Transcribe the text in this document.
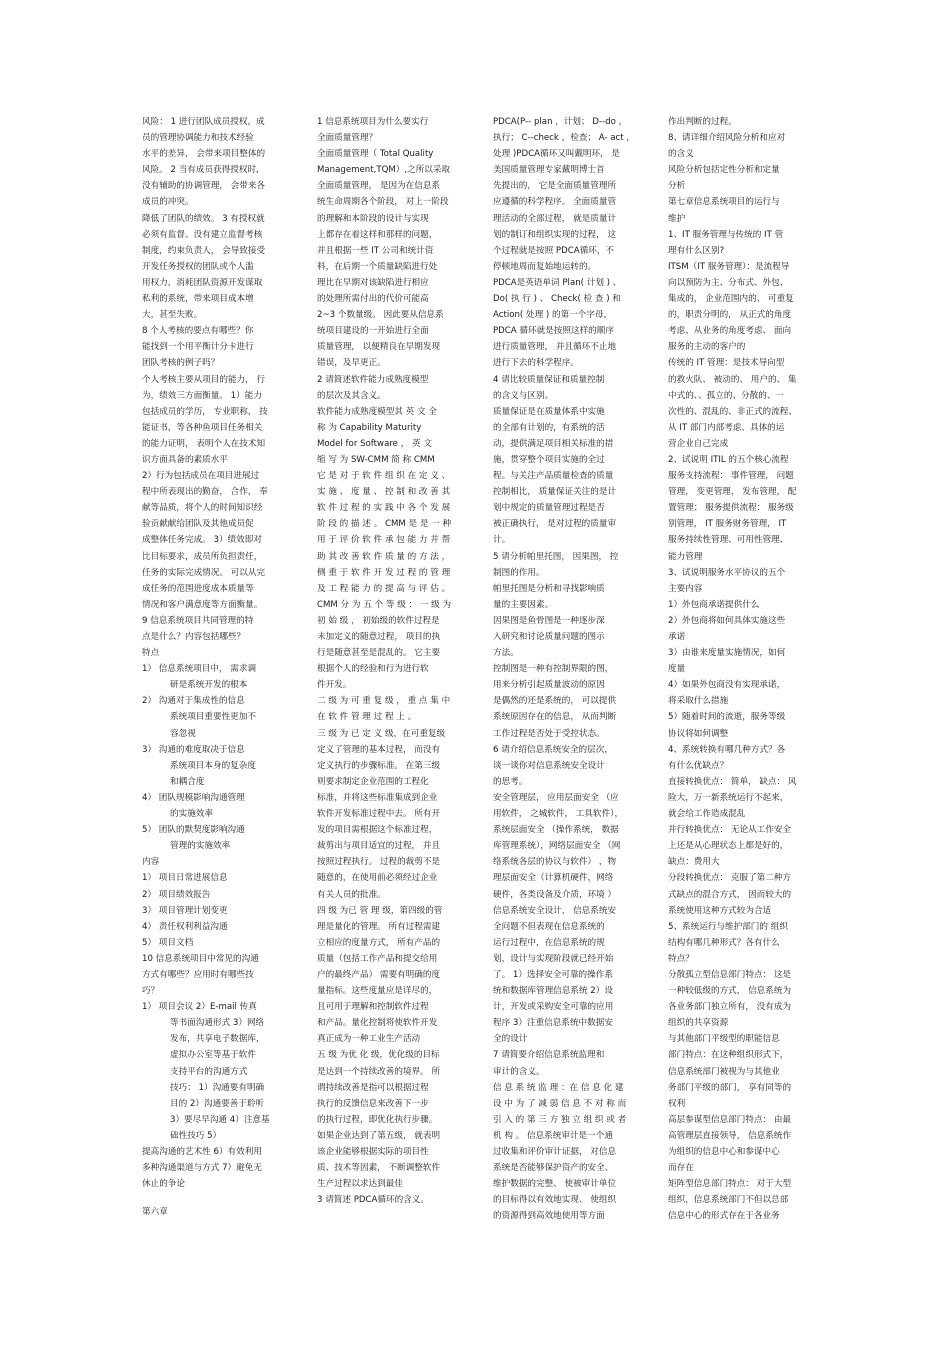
风险： 1 进行团队成员授权，成
员的管理协调能力和技术经验
水平的差异， 会带来项目整体的
风险。 2 当有成员获得授权时,
没有辅助的协调管理， 会带来各
成员的冲突。
降低了团队的绩效。 3 有授权就
必须有监督。没有建立监督考核
制度，约束负责人， 会导致接受
开发任务授权的团队或个人滥
用权力，消耗团队资源开发谋取
私利的系统，带来项目成本增
大，甚至失败。
8 个人考核的要点有哪些？你
能找到一个用平衡计分卡进行
团队考核的例子吗？
个人考核主要从项目的能力， 行
为，绩效三方面衡量。 1）能力
包括成员的学历， 专业职称， 技
能证书，等各种鱼项目任务相关
的能力证明， 表明个人在技术知
识方面具备的素质水平
2）行为包括成员在项目进展过
程中所表现出的勤奋， 合作， 奉
献等品质，将个人的时间知识经
验贡献献给团队及其他成员促
成整体任务完成。 3）绩效即对
比目标要求，成员所负担责任，
任务的实际完成情况。 可以从完
成任务的范围进度成本质量等
情况和客户满意度等方面衡量。
9 信息系统项目共同管理的特
点是什么？内容包括哪些？
特点
1） 信息系统项目中， 需求调
研是系统开发的根本
2） 沟通对于集成性的信息
系统项目重要性更加不
容忽视
3） 沟通的难度取决于信息
系统项目本身的复杂度
和耦合度
4） 团队规模影响沟通管理
的实施效率
5） 团队的默契度影响沟通
管理的实施效率
内容
1） 项目日常进展信息
2） 项目绩效报告
3） 项目管理计划变更
4） 责任权利利益沟通
5） 项目文档
10 信息系统项目中常见的沟通
方式有哪些？应用时有哪些技
巧？
1） 项目会议 2）E-mail 传真
等书面沟通形式 3）网络
发布，共享电子数据库，
虚拟办公室等基于软件
支持平台的沟通方式
技巧： 1）沟通要有明确
目的 2）沟通要善于聆听
3）要尽早沟通 4）注意基
础性技巧 5）
提高沟通的艺术性 6）有效利用
多种沟通渠道与方式 7）避免无
休止的争论
第六章
1 信息系统项目为什么要实行
全面质量管理？
全面质量管理（ Total Quality
Management,TQM）,之所以采取
全面质量管理， 是因为在信息系
统生命周期各个阶段， 对上一阶段
的理解和本阶段的设计与实现
上都存在着这样和那样的问题，
并且根据一些 IT 公司和统计资
料，在后期一个质量缺陷进行处
理比在早期对该缺陷进行相应
的处理所需付出的代价可能高
2~3 个数量级。 因此要从信息系
统项目建设的一开始进行全面
质量管理， 以便精良在早期发现
错误，及早更正。
2 请简述软件能力成熟度模型
的层次及其含义。
软件能力成熟度模型其 英 文 全
称 为 Capability Maturity
Model for Software ， 英 文
缩 写 为 SW-CMM 简 称 CMM
它 是 对 于 软 件 组 织 在 定 义 、
实 施 、 度 量 、 控 制 和 改 善 其
软 件 过 程 的 实 践 中 各 个 发 展
阶 段 的 描 述 。 CMM 是 是 一 种
用 于 评 价 软 件 承 包 能 力 并 帮
助 其 改 善 软 件 质 量 的 方 法 ，
侧 重 于 软 件 开 发 过 程 的 管 理
及 工 程 能 力 的 提 高 与 评 估 。
CMM 分 为 五 个 等 级 ： 一 级 为
初 始 级 ， 初始级的软件过程是
未加定义的随意过程， 项目的执
行是随意甚至是混乱的。 它主要
根据个人的经验和行为进行软
件开发。
二 级 为 可 重 复 级 ， 重 点 集 中
在 软 件 管 理 过 程 上 。
三 级 为 已 定 义 级，在可重复级
定义了管理的基本过程， 而没有
定义执行的步骤标准。 在第三级
则要求制定企业范围的工程化
标准，并将这些标准集成到企业
软件开发标准过程中去。 所有开
发的项目需根据这个标准过程，
裁剪出与项目适宜的过程， 并且
按照过程执行。 过程的裁剪不是
随意的，在使用前必须经过企业
有关人员的批准。
四 级 为已 管 理 级，第四级的管
理是量化的管理。 所有过程需建
立相应的度量方式， 所有产品的
质量（包括工作产品和提交给用
户的最终产品） 需要有明确的度
量指标。这些度量应是详尽的，
且可用于理解和控制软件过程
和产品。量化控制将使软件开发
真正成为一种工业生产活动
五 级 为优 化 级，优化级的目标
是达到一个持续改善的境界。 所
谓持续改善是指可以根据过程
执行的反馈信息来改善下一步
的执行过程，即优化执行步骤。
如果企业达到了第五级， 就表明
该企业能够根据实际的项目性
质、技术等因素， 不断调整软件
生产过程以求达到最佳
3 请简述 PDCA循环的含义。
PDCA(P-- plan ，计划； D--do ，
执行； C--check ，检查； A- act ，
处理 )PDCA循环又叫戴明环， 是
美国质量管理专家戴明博士首
先提出的， 它是全面质量管理所
应遵循的科学程序。 全面质量管
理活动的全部过程， 就是质量计
划的制订和组织实现的过程， 这
个过程就是按照 PDCA循环，不
停顿地周而复始地运转的。
PDCA是英语单词 Plan( 计划 ) 、
Do( 执 行 ) 、 Check( 检 查 ) 和
Action( 处理 ) 的第一个字母，
PDCA 循环就是按照这样的顺序
进行质量管理， 并且循环不止地
进行下去的科学程序。
4 请比较质量保证和质量控制
的含义与区别。
质量保证是在质量体系中实施
的全部有计划的，有系统的活
动，提供满足项目相关标准的措
施，贯穿整个项目实施的全过
程。与关注产品质量检查的质量
控制相比， 质量保证关注的是计
划中规定的质量管理过程是否
被正确执行， 是对过程的质量审
计。
5 请分析帕里托图， 因果图， 控
制图的作用。
帕里托图是分析和寻找影响质
量的主要因素。
因果图是鱼骨图是一种逐步深
入研究和讨论质量问题的图示
方法。
控制图是一种有控制界限的图，
用来分析引起质量波动的原因
是偶然的还是系统的， 可以提供
系统原因存在的信息， 从而判断
工作过程是否处于受控状态。
6 请介绍信息系统安全的层次，
谈一谈你对信息系统安全设计
的思考。
安全管理层， 应用层面安全 （应
用软件， 之城软件， 工具软件），
系统层面安全 （操作系统， 数据
库管理系统），网络层面安全 （网
络系统各层的协议与软件） ，物
理层面安全（计算机硬件，网络
硬件，各类设备及介质，环境 ）
信息系统安全设计， 信息系统安
全问题不但表现在信息系统的
运行过程中，在信息系统的规
划，设计与实现阶段就已经开始
了。 1）选择安全可靠的操作系
统和数据库管理信息系统 2）设
计，开发或采购安全可靠的应用
程序 3）注重信息系统中数据安
全的设计
7 请简要介绍信息系统监理和
审计的含义。
信 息 系 统 监 理 ：在 信 息 化 建
设 中 为 了 减 弱 信 息 不 对 称 而
引 入 的 第 三 方 独 立 组 织 或 者
机 构 。 信息系统审计是一个通
过收集和评价审计证据， 对信息
系统是否能够保护资产的安全、
维护数据的完整、 使被审计单位
的目标得以有效地实现、 使组织
的资源得到高效地使用等方面
作出判断的过程。
8、请详细介绍风险分析和应对
的含义
风险分析包括定性分析和定量
分析
第七章信息系统项目的运行与
维护
1、IT 服务管理与传统的 IT 管
理有什么区别?
ITSM（IT 服务管理）：是流程导
向以预防为主、分布式、外包、
集成的， 企业范围内的、 可重复
的，职责分明的， 从正式的角度
考虑、从业务的角度考虑、 面向
服务的主动的客户的
传统的 IT 管理：是技术导向型
的救火队、 被动的、 用户的、 集
中式的、、孤立的、分散的、一
次性的、混乱的、非正式的流程、
从 IT 部门内部考虑、具体的运
营企业自己完成
2、试说明 ITIL 的五个核心流程
服务支持流程： 事件管理， 问题
管理， 变更管理， 发布管理， 配
置管理； 服务提供流程： 服务级
别管理， IT 服务财务管理， IT
服务持续性管理、可用性管理、
能力管理
3、试说明服务水平协议的五个
主要内容
1）外包商承诺提供什么
2）外包商将如何具体实施这些
承诺
3）由谁来度量实施情况，如何
度量
4）如果外包商没有实现承诺，
将采取什么措施
5）随着时间的流逝，服务等级
协议将如何调整
4、系统转换有哪几种方式？各
有什么优缺点？
直接转换优点： 简单， 缺点： 风
险大，万一新系统运行不起来，
就会给工作造成混乱
并行转换优点： 无论从工作安全
上还是从心理状态上都是好的，
缺点：费用大
分段转换优点： 克服了第二种方
式缺点的混合方式， 因而较大的
系统使用这种方式较为合适
5、系统运行与维护部门的 组织
结构有哪几种形式？各有什么
特点？
分散孤立型信息部门特点： 这是
一种较低级的方式， 信息系统为
各业务部门独立所有， 没有成为
组织的共享资源
与其他部门平级型的职能信息
部门特点：在这种组织形式下，
信息系统部门被视为与其他业
务部门平级的部门， 享有同等的
权利
高层参谋型信息部门特点： 由最
高管理层直接领导， 信息系统作
为组织的信息中心和参谋中心
而存在
矩阵型信息部门特点： 对于大型
组织，信息系统部门不但以总部
信息中心的形式存在于各业务
